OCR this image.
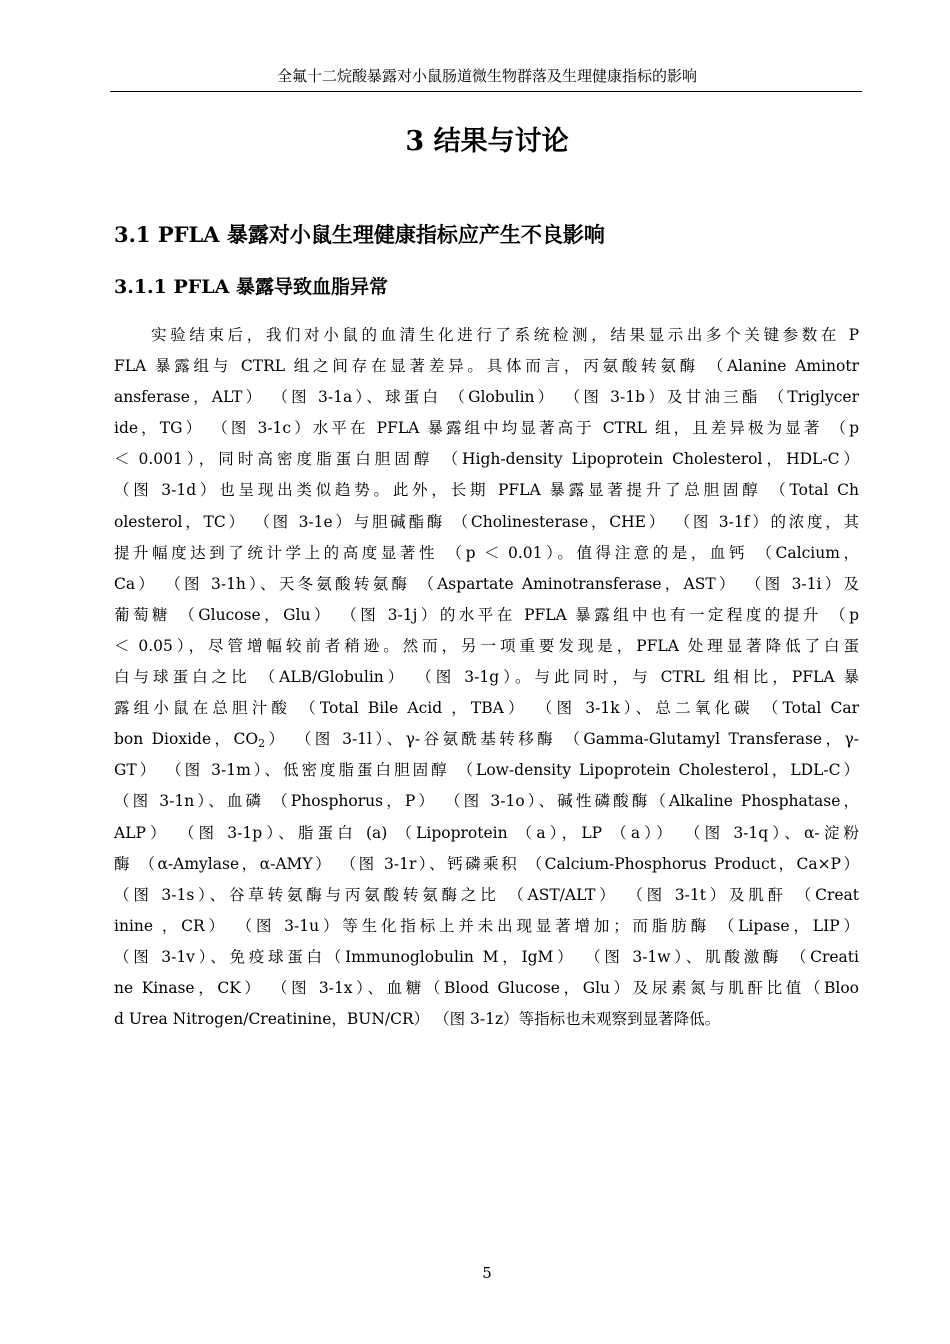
全氟十二烷酸暴露对小鼠肠道微生物群落及生理健康指标的影响
3 结果与讨论
3.1 PFLA 暴露对小鼠生理健康指标应产生不良影响
3.1.1 PFLA 暴露导致血脂异常
实验结束后，我们对小鼠的血清生化进行了系统检测，结果显示出多个关键参数在 P
FLA 暴露组与 CTRL 组之间存在显著差异。具体而言，丙氨酸转氨酶 （Alanine Aminotr
ansferase，ALT） （图 3-1a）、球蛋白 （Globulin） （图 3-1b）及甘油三酯 （Triglycer
ide，TG） （图 3-1c）水平在 PFLA 暴露组中均显著高于 CTRL 组，且差异极为显著 （p
＜ 0.001），同时高密度脂蛋白胆固醇 （High-density Lipoprotein Cholesterol，HDL-C）
（图 3-1d）也呈现出类似趋势。此外，长期 PFLA 暴露显著提升了总胆固醇 （Total Ch
olesterol，TC） （图 3-1e）与胆碱酯酶 （Cholinesterase，CHE） （图 3-1f）的浓度，其
提升幅度达到了统计学上的高度显著性 （p ＜ 0.01）。值得注意的是，血钙 （Calcium，
Ca） （图 3-1h）、天冬氨酸转氨酶 （Aspartate Aminotransferase，AST） （图 3-1i）及
葡萄糖 （Glucose，Glu） （图 3-1j）的水平在 PFLA 暴露组中也有一定程度的提升 （p
＜ 0.05），尽管增幅较前者稍逊。然而，另一项重要发现是，PFLA 处理显著降低了白蛋
白与球蛋白之比 （ALB/Globulin） （图 3-1g）。与此同时，与 CTRL 组相比，PFLA 暴
露组小鼠在总胆汁酸 （Total Bile Acid ，TBA） （图 3-1k）、总二氧化碳 （Total Car
bon Dioxide，$CO_2$） （图 3-1l）、γ-谷氨酰基转移酶 （Gamma-Glutamyl Transferase，γ-
GT） （图 3-1m）、低密度脂蛋白胆固醇 （Low-density Lipoprotein Cholesterol，LDL-C）
（图 3-1n）、血磷 （Phosphorus，P） （图 3-1o）、碱性磷酸酶（Alkaline Phosphatase，
ALP） （图 3-1p）、脂蛋白 (a) （Lipoprotein （a），LP （a）） （图 3-1q）、α-淀粉
酶 （α-Amylase，α-AMY） （图 3-1r）、钙磷乘积 （Calcium-Phosphorus Product，Ca×P）
（图 3-1s）、谷草转氨酶与丙氨酸转氨酶之比 （AST/ALT） （图 3-1t）及肌酐 （Creat
inine ，CR） （图 3-1u）等生化指标上并未出现显著增加；而脂肪酶 （Lipase，LIP）
（图 3-1v）、免疫球蛋白（Immunoglobulin M，IgM） （图 3-1w）、肌酸激酶 （Creati
ne Kinase，CK） （图 3-1x）、血糖（Blood Glucose，Glu）及尿素氮与肌酐比值（Bloo
d Urea Nitrogen/Creatinine，BUN/CR） （图 3-1z）等指标也未观察到显著降低。
5
